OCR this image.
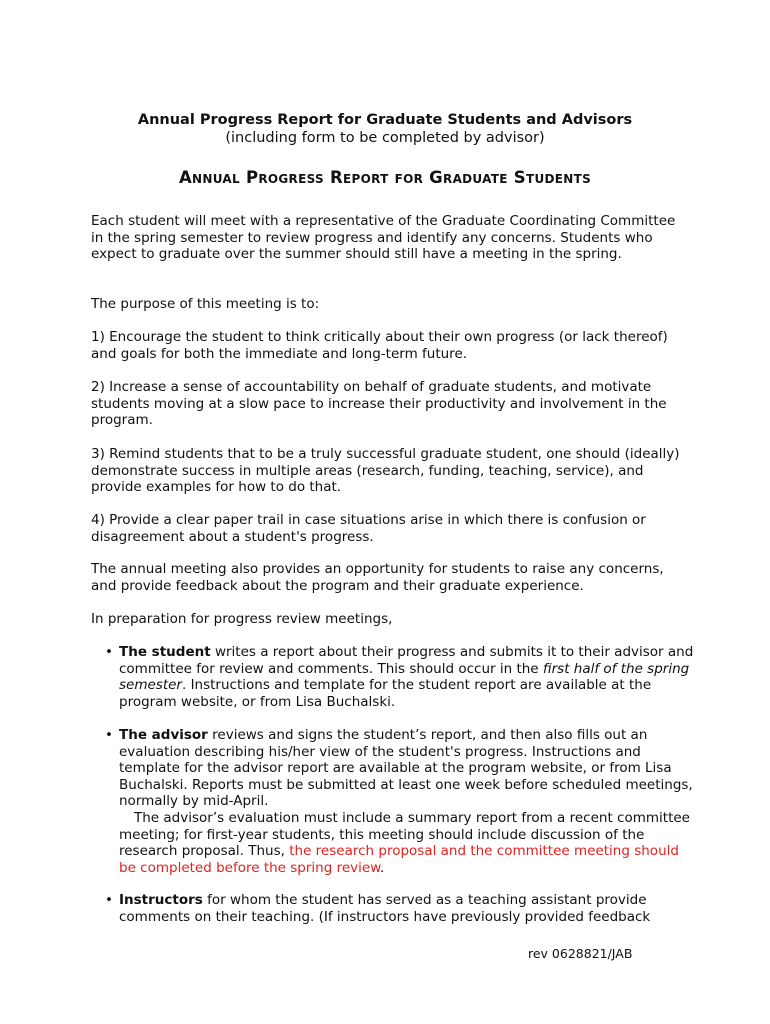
Annual Progress Report for Graduate Students and Advisors
(including form to be completed by advisor)
Annual Progress Report for Graduate Students

Each student will meet with a representative of the Graduate Coordinating Committee in the spring semester to review progress and identify any concerns. Students who expect to graduate over the summer should still have a meeting in the spring.

The purpose of this meeting is to:

1) Encourage the student to think critically about their own progress (or lack thereof) and goals for both the immediate and long-term future.

2) Increase a sense of accountability on behalf of graduate students, and motivate students moving at a slow pace to increase their productivity and involvement in the program.

3) Remind students that to be a truly successful graduate student, one should (ideally) demonstrate success in multiple areas (research, funding, teaching, service), and provide examples for how to do that.

4) Provide a clear paper trail in case situations arise in which there is confusion or disagreement about a student's progress.

The annual meeting also provides an opportunity for students to raise any concerns, and provide feedback about the program and their graduate experience.

In preparation for progress review meetings,

• The student writes a report about their progress and submits it to their advisor and committee for review and comments. This should occur in the first half of the spring semester. Instructions and template for the student report are available at the program website, or from Lisa Buchalski.
• The advisor reviews and signs the student’s report, and then also fills out an evaluation describing his/her view of the student's progress. Instructions and template for the advisor report are available at the program website, or from Lisa Buchalski. Reports must be submitted at least one week before scheduled meetings, normally by mid-April.
The advisor’s evaluation must include a summary report from a recent committee meeting; for first-year students, this meeting should include discussion of the research proposal. Thus, the research proposal and the committee meeting should be completed before the spring review.
• Instructors for whom the student has served as a teaching assistant provide comments on their teaching. (If instructors have previously provided feedback
rev 0628821/JAB
